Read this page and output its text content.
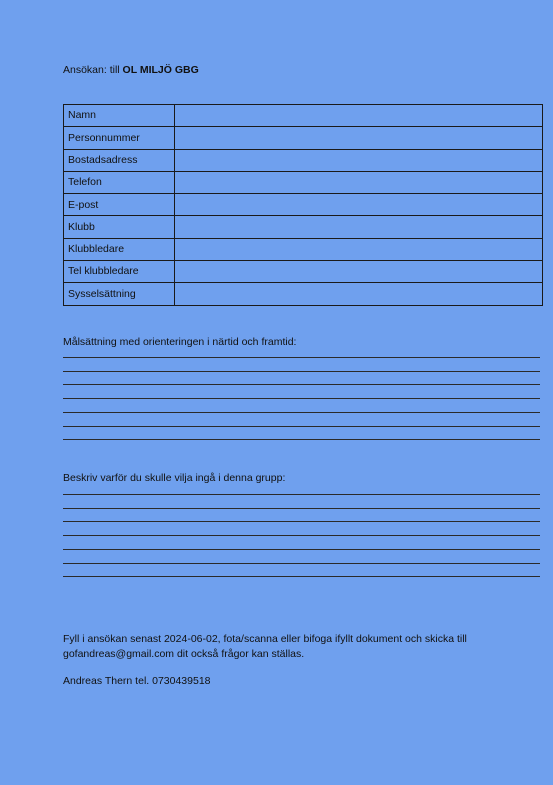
Ansökan: till OL MILJÖ GBG
Namn	
Personnummer	
Bostadsadress	
Telefon	
E-post	
Klubb	
Klubbledare	
Tel klubbledare	
Sysselsättning	
Målsättning med orienteringen i närtid och framtid:
Beskriv varför du skulle vilja ingå i denna grupp:
Fyll i ansökan senast 2024-06-02, fota/scanna eller bifoga ifyllt dokument och skicka till gofandreas@gmail.com dit också frågor kan ställas.
Andreas Thern tel. 0730439518
